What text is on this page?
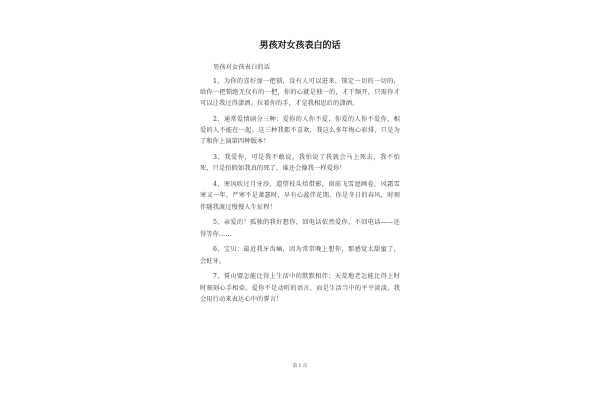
男孩对女孩表白的话

男孩对女孩表白的话

1、为你的喜好加一把锁，没有人可以进来，锁定一切的一切的，给你一把锁绝无仅有的一把，你的心就是独一的，才干频开，只需你才可以让我过得潇洒。拉着你的手，才是我相思后的潇洒。

2、通常爱情剧分三种：爱你的人你不爱，你爱的人你不爱你，相爱的人不能在一起。这三种我都不喜欢，我这么多年梅心彩排，只是为了和你上演第四种版本！

3、我爱你，可是我不敢说，我怕说了我就会马上死去，我不怕死，只是怕假如我真的死了，谁还会像我一样爱你！

4、寒风吹过月牙沙，道望枝头焙借影，窗前飞雪遮画卷，风霜雪寒又一年，严寒不是萧瑟时，早有心蕊伴花期。你是冬日的春风，时刻伴随我渡过慢慢人生征程！

5、亲爱的！孤独的我好想你，回电话依然爱你，不回电话——还得等你……

6、宝贝：最近我牙齿痛，因为常常晚上想你，那感觉太甜蜜了，会蛀牙。

7、誓山盟怎能比得上生活中的默默相伴；天荒地老怎能比得上时时刻刻心手相牵。爱你不是动听的语言，而是生活当中的平平淡淡，我会用行动来表达心中的誓言！

第 1 页
